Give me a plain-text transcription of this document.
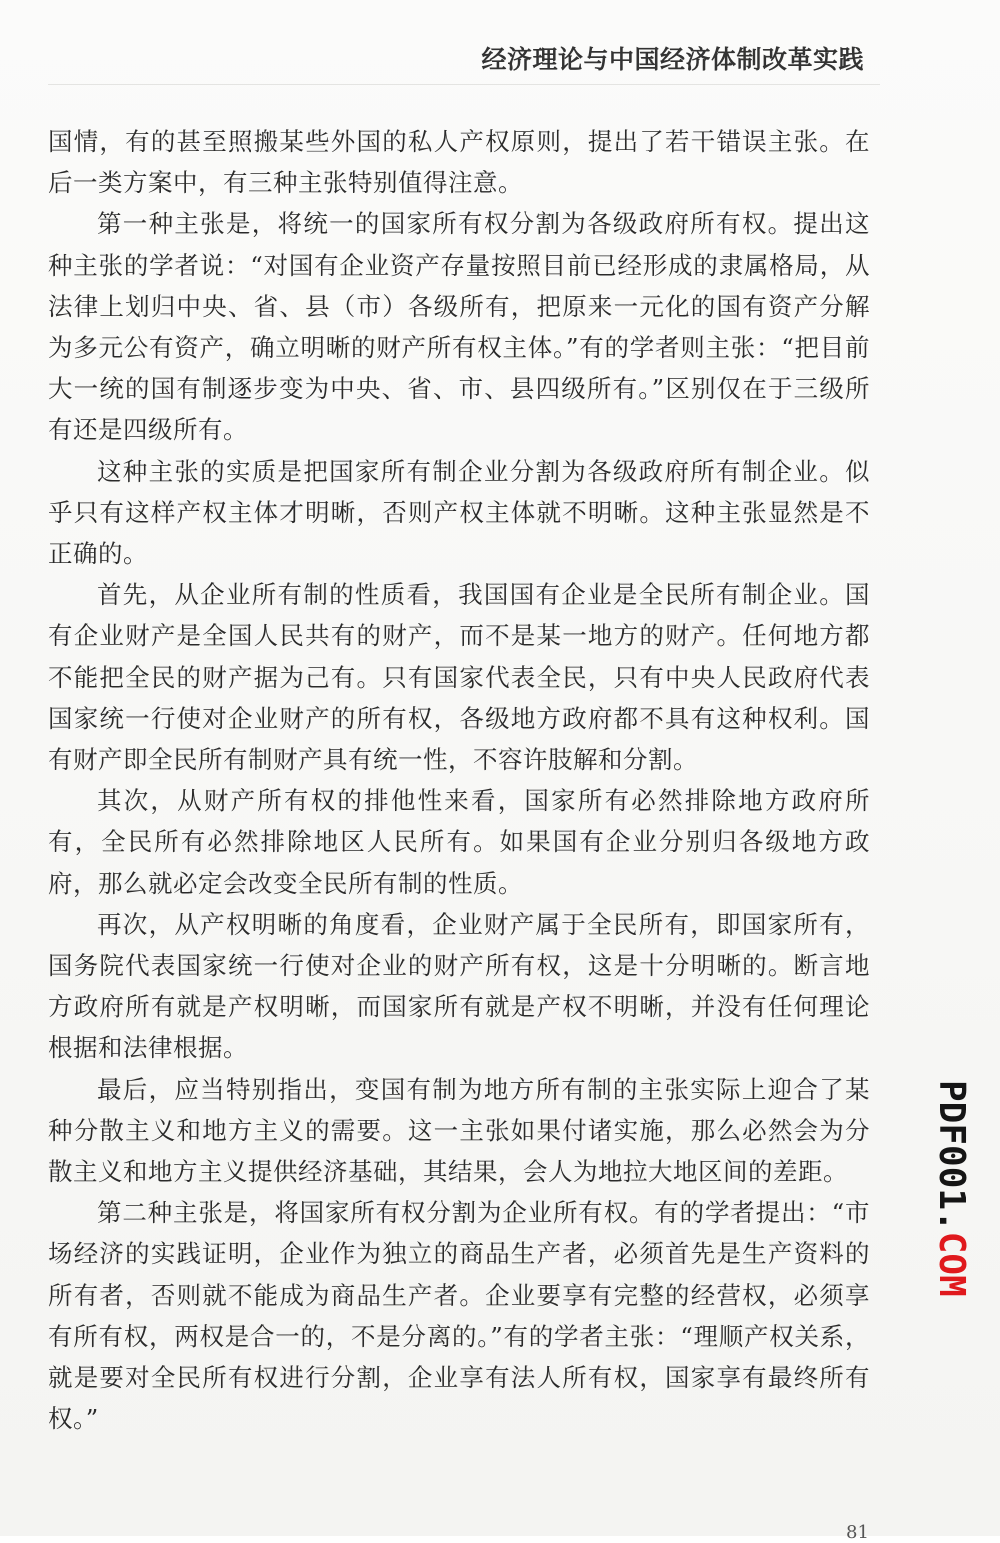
经济理论与中国经济体制改革实践

国情，有的甚至照搬某些外国的私人产权原则，提出了若干错误主张。在后一类方案中，有三种主张特别值得注意。

第一种主张是，将统一的国家所有权分割为各级政府所有权。提出这种主张的学者说：“对国有企业资产存量按照目前已经形成的隶属格局，从法律上划归中央、省、县（市）各级所有，把原来一元化的国有资产分解为多元公有资产，确立明晰的财产所有权主体。”有的学者则主张：“把目前大一统的国有制逐步变为中央、省、市、县四级所有。”区别仅在于三级所有还是四级所有。

这种主张的实质是把国家所有制企业分割为各级政府所有制企业。似乎只有这样产权主体才明晰，否则产权主体就不明晰。这种主张显然是不正确的。

首先，从企业所有制的性质看，我国国有企业是全民所有制企业。国有企业财产是全国人民共有的财产，而不是某一地方的财产。任何地方都不能把全民的财产据为己有。只有国家代表全民，只有中央人民政府代表国家统一行使对企业财产的所有权，各级地方政府都不具有这种权利。国有财产即全民所有制财产具有统一性，不容许肢解和分割。

其次，从财产所有权的排他性来看，国家所有必然排除地方政府所有，全民所有必然排除地区人民所有。如果国有企业分别归各级地方政府，那么就必定会改变全民所有制的性质。

再次，从产权明晰的角度看，企业财产属于全民所有，即国家所有，国务院代表国家统一行使对企业的财产所有权，这是十分明晰的。断言地方政府所有就是产权明晰，而国家所有就是产权不明晰，并没有任何理论根据和法律根据。

最后，应当特别指出，变国有制为地方所有制的主张实际上迎合了某种分散主义和地方主义的需要。这一主张如果付诸实施，那么必然会为分散主义和地方主义提供经济基础，其结果，会人为地拉大地区间的差距。

第二种主张是，将国家所有权分割为企业所有权。有的学者提出：“市场经济的实践证明，企业作为独立的商品生产者，必须首先是生产资料的所有者，否则就不能成为商品生产者。企业要享有完整的经营权，必须享有所有权，两权是合一的，不是分离的。”有的学者主张：“理顺产权关系，就是要对全民所有权进行分割，企业享有法人所有权，国家享有最终所有权。”

PDF001.COM
81
